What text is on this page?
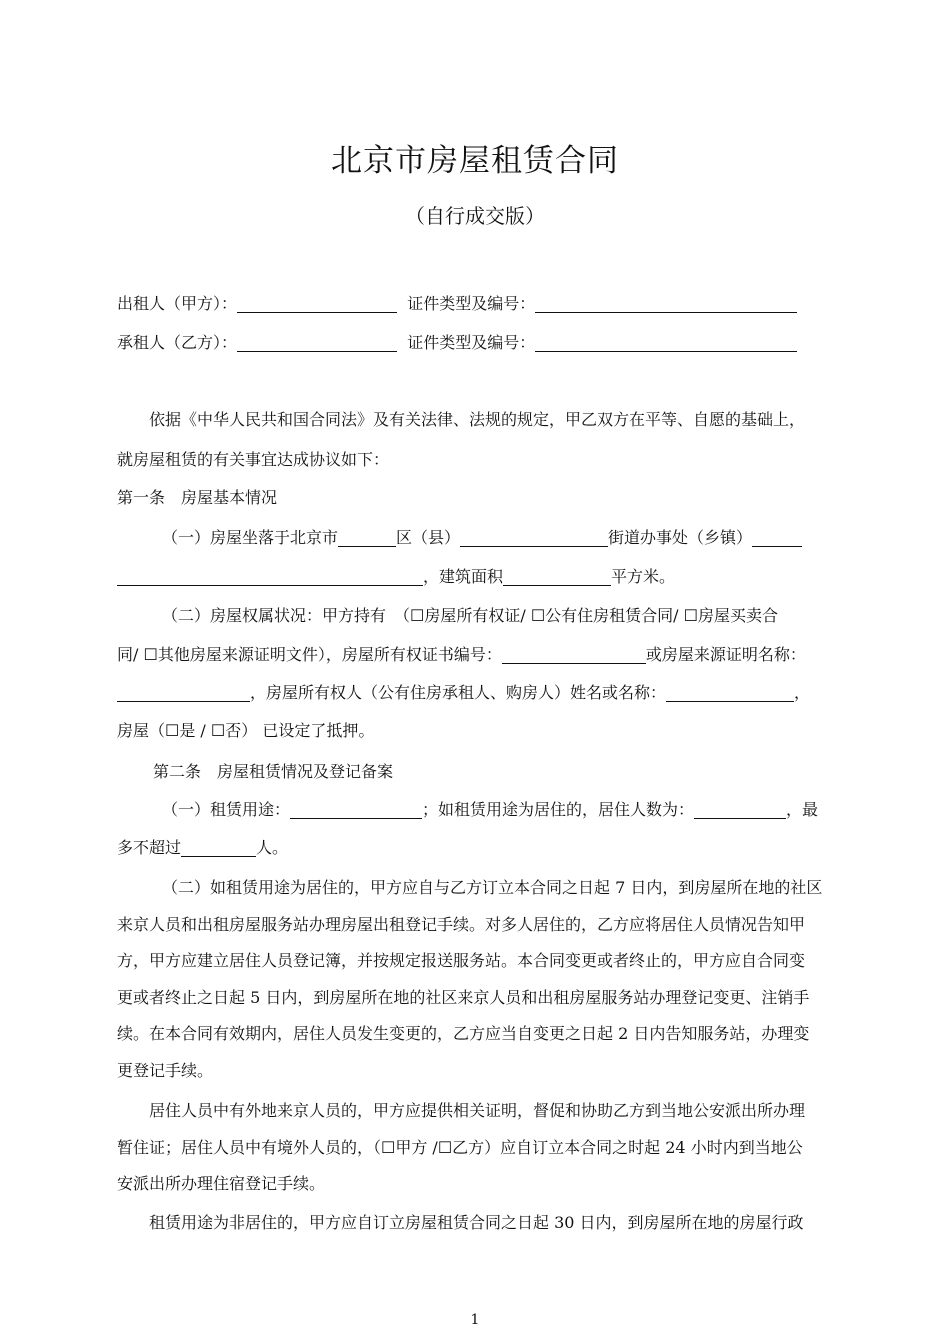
北京市房屋租赁合同
（自行成交版）
出租人（甲方）：	证件类型及编号：
承租人（乙方）：	证件类型及编号：
依据《中华人民共和国合同法》及有关法律、法规的规定，甲乙双方在平等、自愿的基础上，
就房屋租赁的有关事宜达成协议如下：
第一条　房屋基本情况
（一）房屋坐落于北京市	区（县）	街道办事处（乡镇）
，建筑面积	平方米。
（二）房屋权属状况：甲方持有　（☐房屋所有权证/ ☐公有住房租赁合同/ ☐房屋买卖合
同/ ☐其他房屋来源证明文件），房屋所有权证书编号：	或房屋来源证明名称：
，房屋所有权人（公有住房承租人、购房人）姓名或名称：	，
房屋（☐是 / ☐否） 已设定了抵押。
第二条　房屋租赁情况及登记备案
（一）租赁用途：	；如租赁用途为居住的，居住人数为：	，最
多不超过	人。
（二）如租赁用途为居住的，甲方应自与乙方订立本合同之日起 7 日内，到房屋所在地的社区
来京人员和出租房屋服务站办理房屋出租登记手续。对多人居住的，乙方应将居住人员情况告知甲
方，甲方应建立居住人员登记簿，并按规定报送服务站。本合同变更或者终止的，甲方应自合同变
更或者终止之日起 5 日内，到房屋所在地的社区来京人员和出租房屋服务站办理登记变更、注销手
续。在本合同有效期内，居住人员发生变更的，乙方应当自变更之日起 2 日内告知服务站，办理变
更登记手续。
居住人员中有外地来京人员的，甲方应提供相关证明，督促和协助乙方到当地公安派出所办理
暂住证；居住人员中有境外人员的，（☐甲方 /☐乙方）应自订立本合同之时起 24 小时内到当地公
安派出所办理住宿登记手续。
租赁用途为非居住的，甲方应自订立房屋租赁合同之日起 30 日内，到房屋所在地的房屋行政
1
